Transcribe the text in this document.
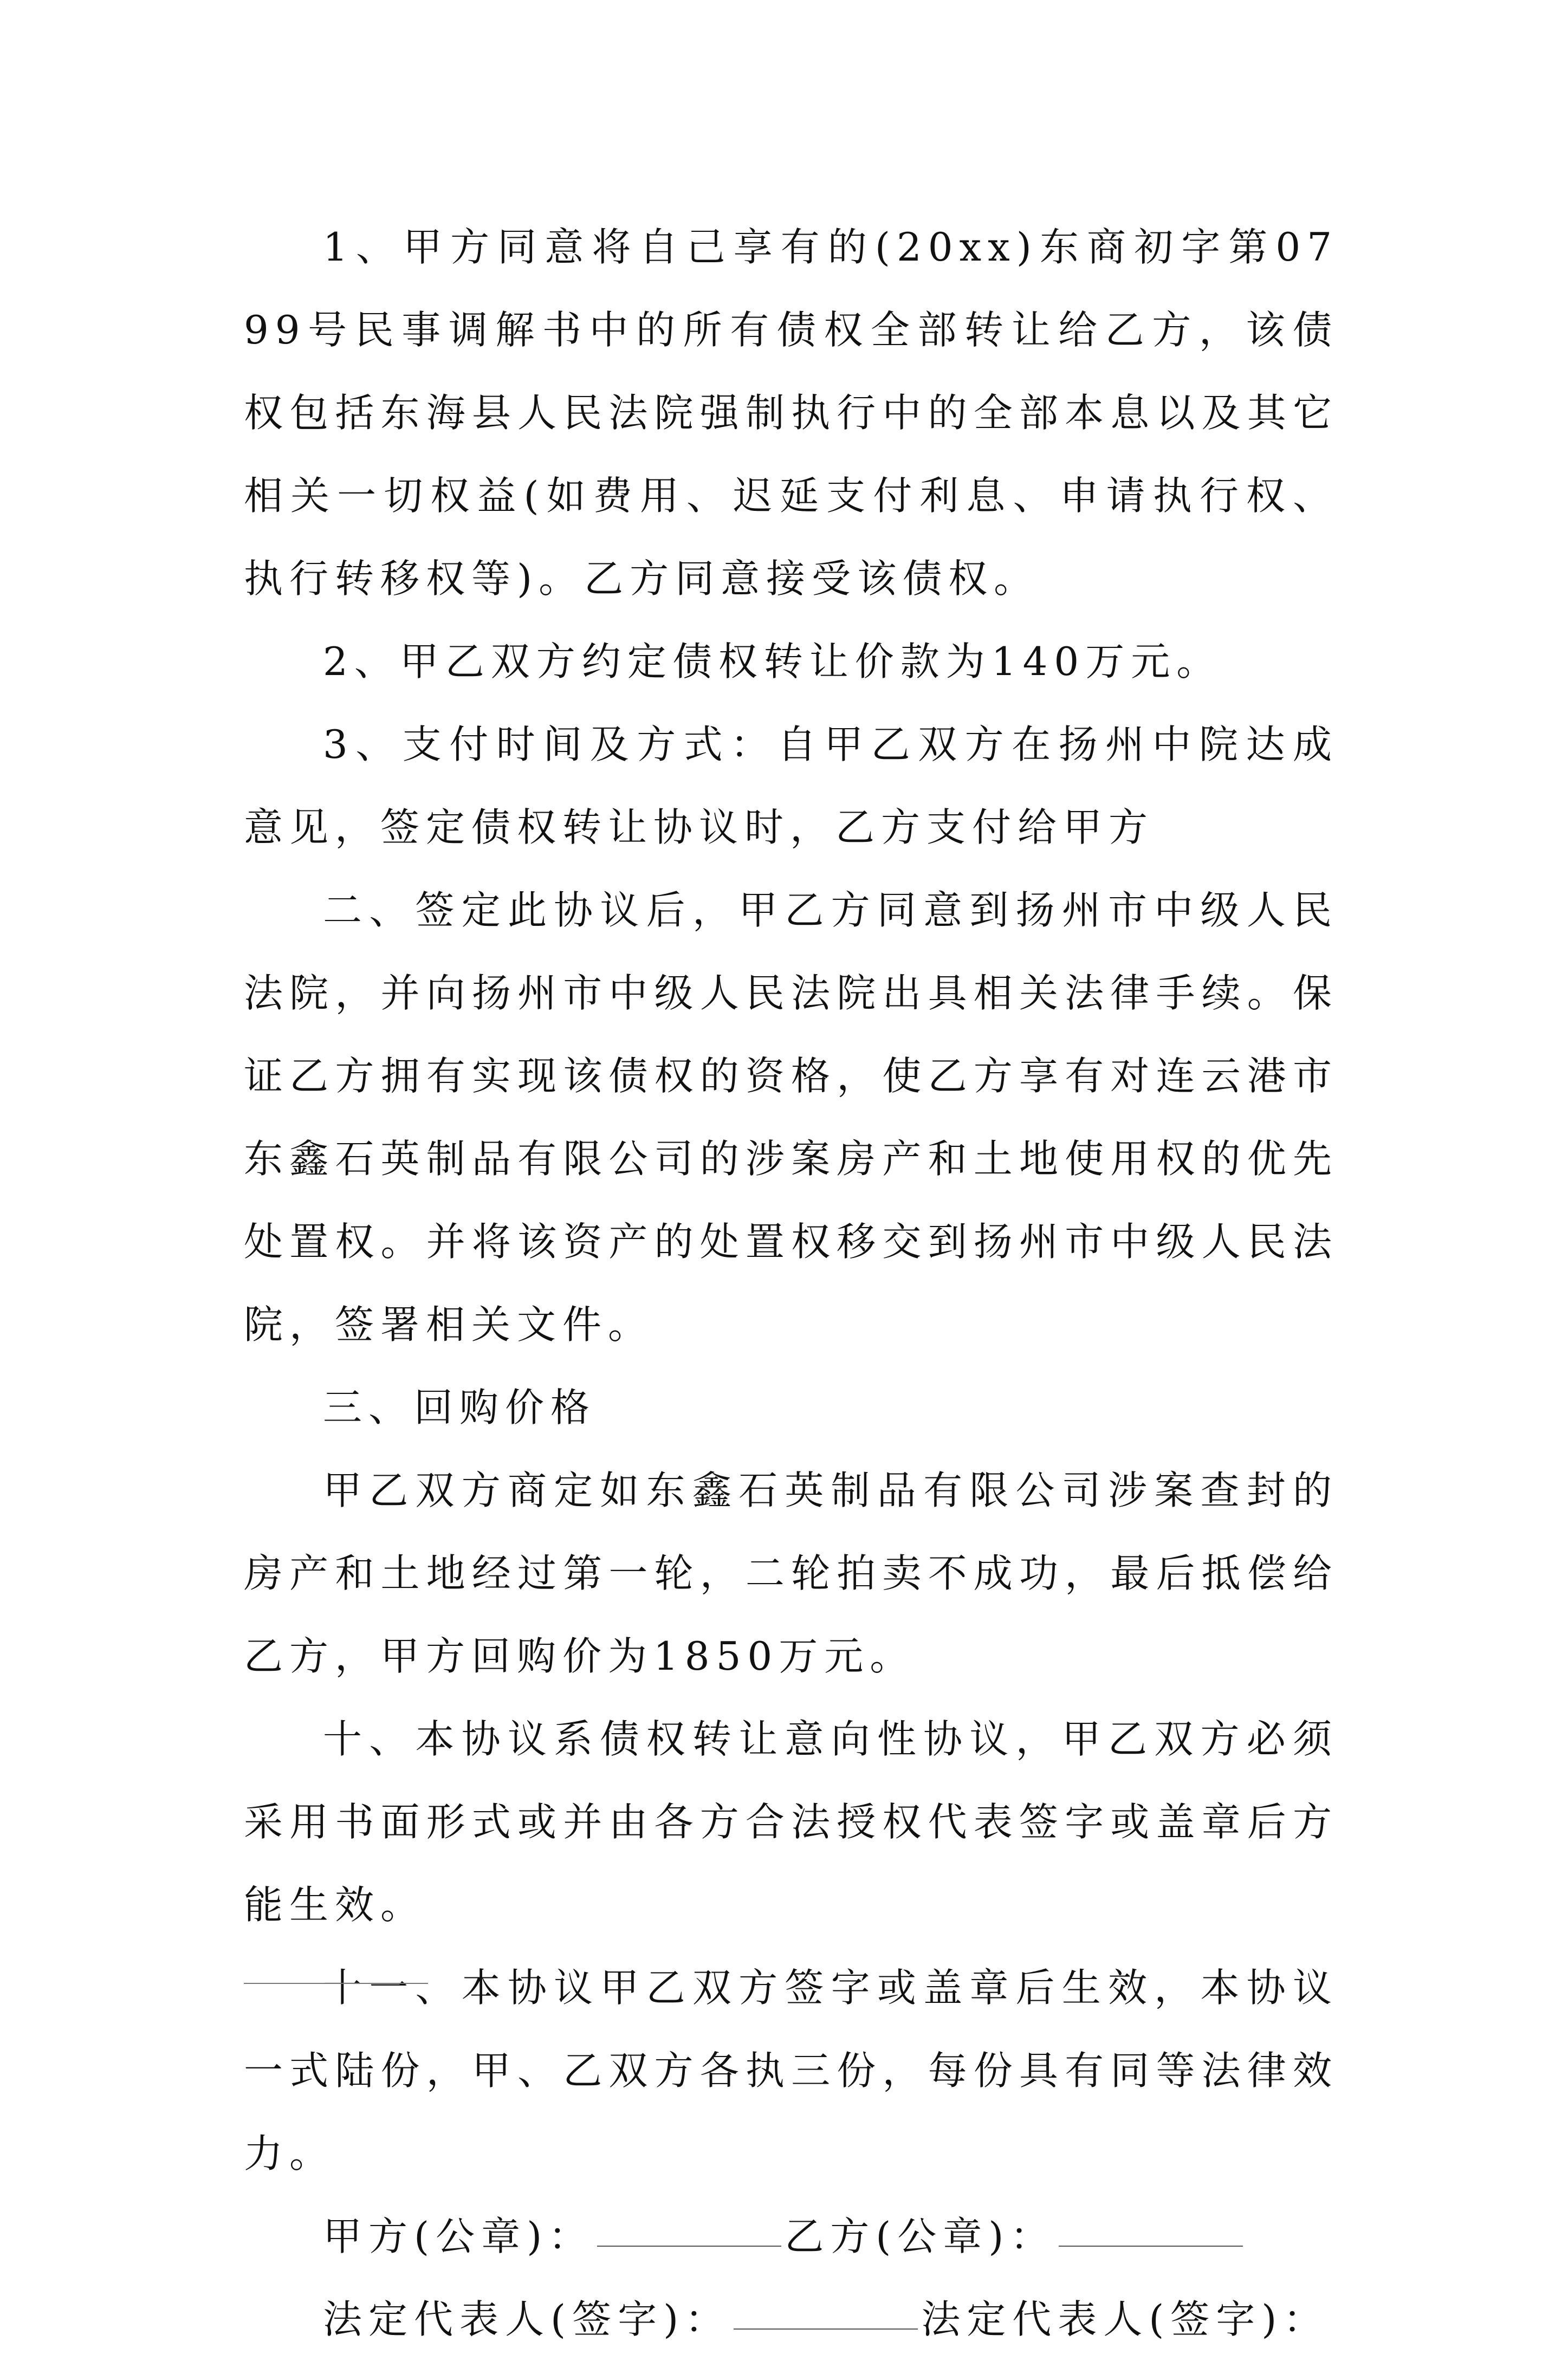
1、甲方同意将自己享有的(20xx)东商初字第0799号民事调解书中的所有债权全部转让给乙方，该债权包括东海县人民法院强制执行中的全部本息以及其它相关一切权益(如费用、迟延支付利息、申请执行权、执行转移权等)。乙方同意接受该债权。

2、甲乙双方约定债权转让价款为140万元。

3、支付时间及方式：自甲乙双方在扬州中院达成意见，签定债权转让协议时，乙方支付给甲方

二、签定此协议后，甲乙方同意到扬州市中级人民法院，并向扬州市中级人民法院出具相关法律手续。保证乙方拥有实现该债权的资格，使乙方享有对连云港市东鑫石英制品有限公司的涉案房产和土地使用权的优先处置权。并将该资产的处置权移交到扬州市中级人民法院，签署相关文件。

三、回购价格

甲乙双方商定如东鑫石英制品有限公司涉案查封的房产和土地经过第一轮，二轮拍卖不成功，最后抵偿给乙方，甲方回购价为1850万元。

十、本协议系债权转让意向性协议，甲乙双方必须采用书面形式或并由各方合法授权代表签字或盖章后方能生效。

十一、本协议甲乙双方签字或盖章后生效，本协议一式陆份，甲、乙双方各执三份，每份具有同等法律效力。

甲方(公章)：	乙方(公章)：

法定代表人(签字)：	法定代表人(签字)：
